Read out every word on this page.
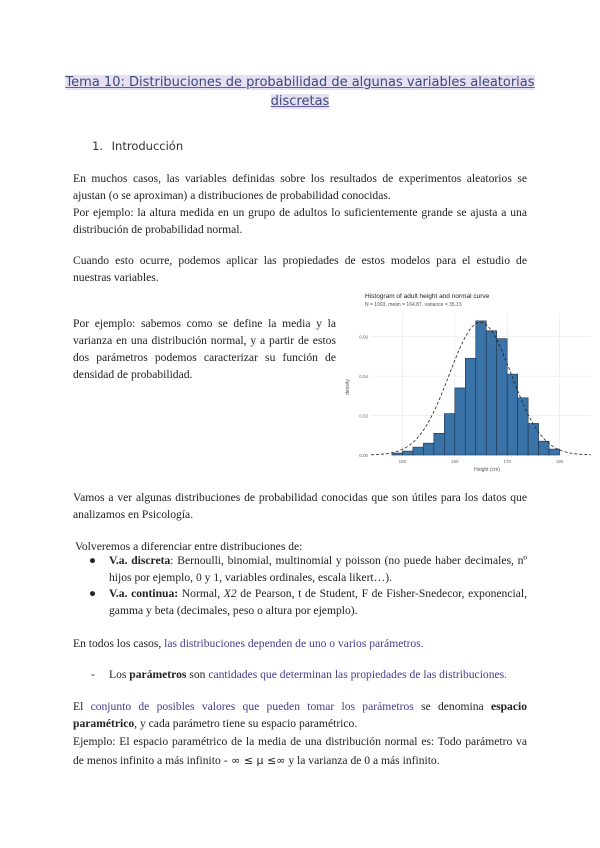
Tema 10: Distribuciones de probabilidad de algunas variables aleatorias
discretas
1. Introducción
En muchos casos, las variables definidas sobre los resultados de experimentos aleatorios se ajustan (o se aproximan) a distribuciones de probabilidad conocidas.
Por ejemplo: la altura medida en un grupo de adultos lo suficientemente grande se ajusta a una distribución de probabilidad normal.
Cuando esto ocurre, podemos aplicar las propiedades de estos modelos para el estudio de nuestras variables.
Por ejemplo: sabemos como se define la media y la varianza en una distribución normal, y a partir de estos dos parámetros podemos caracterizar su función de densidad de probabilidad.
Histogram of adult height and normal curve
N = 1003, mean = 164.87, variance = 35.13
density
Height (cm)
0.00
0.02
0.04
0.06
150	160	170	180
Vamos a ver algunas distribuciones de probabilidad conocidas que son útiles para los datos que analizamos en Psicología.
Volveremos a diferenciar entre distribuciones de:
● V.a. discreta: Bernoulli, binomial, multinomial y poisson (no puede haber decimales, nº hijos por ejemplo, 0 y 1, variables ordinales, escala likert…).
● V.a. continua: Normal, X2 de Pearson, t de Student, F de Fisher-Snedecor, exponencial, gamma y beta (decimales, peso o altura por ejemplo).
En todos los casos, las distribuciones dependen de uno o varios parámetros.
- Los parámetros son cantidades que determinan las propiedades de las distribuciones.
El conjunto de posibles valores que pueden tomar los parámetros se denomina espacio paramétrico, y cada parámetro tiene su espacio paramétrico.
Ejemplo: El espacio paramétrico de la media de una distribución normal es: Todo parámetro va de menos infinito a más infinito - ∞ ≤ μ ≤∞ y la varianza de 0 a más infinito.
